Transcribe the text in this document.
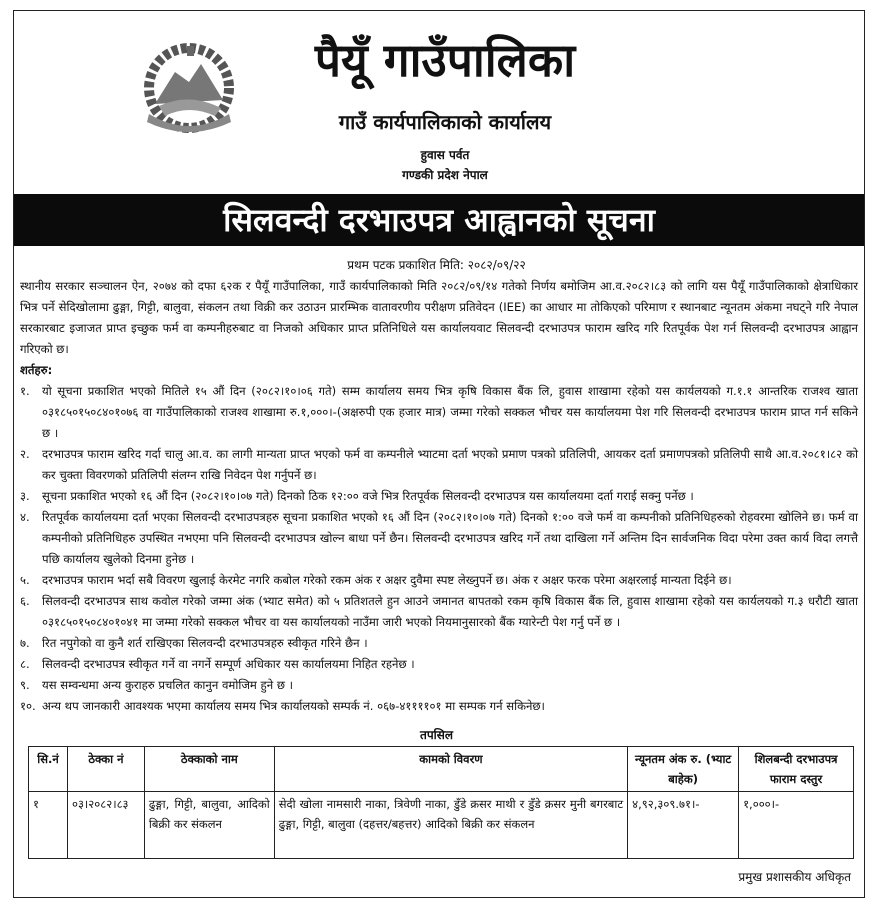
पैयूँ गाउँपालिका
गाउँ कार्यपालिकाको कार्यालय
हुवास पर्वत
गण्डकी प्रदेश नेपाल
सिलवन्दी दरभाउपत्र आह्वानको सूचना
प्रथम पटक प्रकाशित मिति: २०८२/०९/२२

स्थानीय सरकार सञ्चालन ऐन, २०७४ को दफा ६२क र पैयूँ गाउँपालिका, गाउँ कार्यपालिकाको मिति २०८२/०९/१४ गतेको निर्णय बमोजिम आ.व.२०८२।८३ को लागि यस पैयूँ गाउँपालिकाको क्षेत्राधिकार भित्र पर्ने सेदिखोलामा ढुङ्गा, गिट्टी, बालुवा, संकलन तथा विक्री कर उठाउन प्रारम्भिक वातावरणीय परीक्षण प्रतिवेदन (IEE) का आधार मा तोकिएको परिमाण र स्थानबाट न्यूनतम अंकमा नघट्ने गरि नेपाल सरकारबाट इजाजत प्राप्त इच्छुक फर्म वा कम्पनीहरुबाट वा निजको अधिकार प्राप्त प्रतिनिधिले यस कार्यालयवाट सिलवन्दी दरभाउपत्र फाराम खरिद गरि रितपूर्वक पेश गर्न सिलवन्दी दरभाउपत्र आह्वान गरिएको छ।

शर्तहरु:
१.	यो सूचना प्रकाशित भएको मितिले १५ औं दिन (२०८२।१०।०६ गते) सम्म कार्यालय समय भित्र कृषि विकास बैंक लि, हुवास शाखामा रहेको यस कार्यलयको ग.१.१ आन्तरिक राजश्व खाता ०३१८५०१५०८४०१०७६ वा गाउँपालिकाको राजश्व शाखामा रु.१,०००।-(अक्षरुपी एक हजार मात्र) जम्मा गरेको सक्कल भौचर यस कार्यालयमा पेश गरि सिलवन्दी दरभाउपत्र फाराम प्राप्त गर्न सकिने छ ।
२.	दरभाउपत्र फाराम खरिद गर्दा चालु आ.व. का लागी मान्यता प्राप्त भएको फर्म वा कम्पनीले भ्याटमा दर्ता भएको प्रमाण पत्रको प्रतिलिपी, आयकर दर्ता प्रमाणपत्रको प्रतिलिपी साथै आ.व.२०८१।८२ को कर चुक्ता विवरणको प्रतिलिपी संलग्न राखि निवेदन पेश गर्नुपर्ने छ।
३.	सूचना प्रकाशित भएको १६ औं दिन (२०८२।१०।०७ गते) दिनको ठिक १२:०० वजे भित्र रितपूर्वक सिलवन्दी दरभाउपत्र यस कार्यालयमा दर्ता गराई सक्नु पर्नेछ ।
४.	रितपूर्वक कार्यालयमा दर्ता भएका सिलवन्दी दरभाउपत्रहरु सूचना प्रकाशित भएको १६ औं दिन (२०८२।१०।०७ गते) दिनको १:०० वजे फर्म वा कम्पनीको प्रतिनिधिहरुको रोहवरमा खोलिने छ। फर्म वा कम्पनीको प्रतिनिधिहरु उपस्थित नभएमा पनि सिलवन्दी दरभाउपत्र खोल्न बाधा पर्ने छैन। सिलवन्दी दरभाउपत्र खरिद गर्ने तथा दाखिला गर्ने अन्तिम दिन सार्वजनिक विदा परेमा उक्त कार्य विदा लगत्तै पछि कार्यालय खुलेको दिनमा हुनेछ ।
५.	दरभाउपत्र फाराम भर्दा सबै विवरण खुलाई केरमेट नगरि कबोल गरेको रकम अंक र अक्षर दुवैमा स्पष्ट लेख्नुपर्ने छ। अंक र अक्षर फरक परेमा अक्षरलाई मान्यता दिईने छ।
६.	सिलवन्दी दरभाउपत्र साथ कवोल गरेको जम्मा अंक (भ्याट समेत) को ५ प्रतिशतले हुन आउने जमानत बापतको रकम कृषि विकास बैंक लि, हुवास शाखामा रहेको यस कार्यलयको ग.३ धरौटी खाता ०३१८५०१५०८४०१०४१ मा जम्मा गरेको सक्कल भौचर वा यस कार्यालयको नाउँमा जारी भएको नियमानुसारको बैंक ग्यारेन्टी पेश गर्नु पर्ने छ ।
७.	रित नपुगेको वा कुनै शर्त राखिएका सिलवन्दी दरभाउपत्रहरु स्वीकृत गरिने छैन ।
८.	सिलवन्दी दरभाउपत्र स्वीकृत गर्ने वा नगर्ने सम्पूर्ण अधिकार यस कार्यालयमा निहित रहनेछ ।
९.	यस सम्वन्धमा अन्य कुराहरु प्रचलित कानुन वमोजिम हुने छ ।
१०. अन्य थप जानकारी आवश्यक भएमा कार्यालय समय भित्र कार्यालयको सम्पर्क नं. ०६७-४११११०१ मा सम्पक गर्न सकिनेछ।
तपसिल
सि.नं	ठेक्का नं	ठेक्काको नाम	कामको विवरण	न्यूनतम अंक रु. (भ्याट बाहेक)	शिलबन्दी दरभाउपत्र फाराम दस्तुर
१	०३।२०८२।८३	ढुङ्गा, गिट्टी, बालुवा, आदिको बिक्री कर संकलन	सेदी खोला नामसारी नाका, त्रिवेणी नाका, डुँडे क्रसर माथी र डुँडे क्रसर मुनी बगरबाट ढुङ्गा, गिट्टी, बालुवा (दहत्तर/बहत्तर) आदिको बिक्री कर संकलन	४,९२,३०९.७१।-	१,०००।-
प्रमुख प्रशासकीय अधिकृत
